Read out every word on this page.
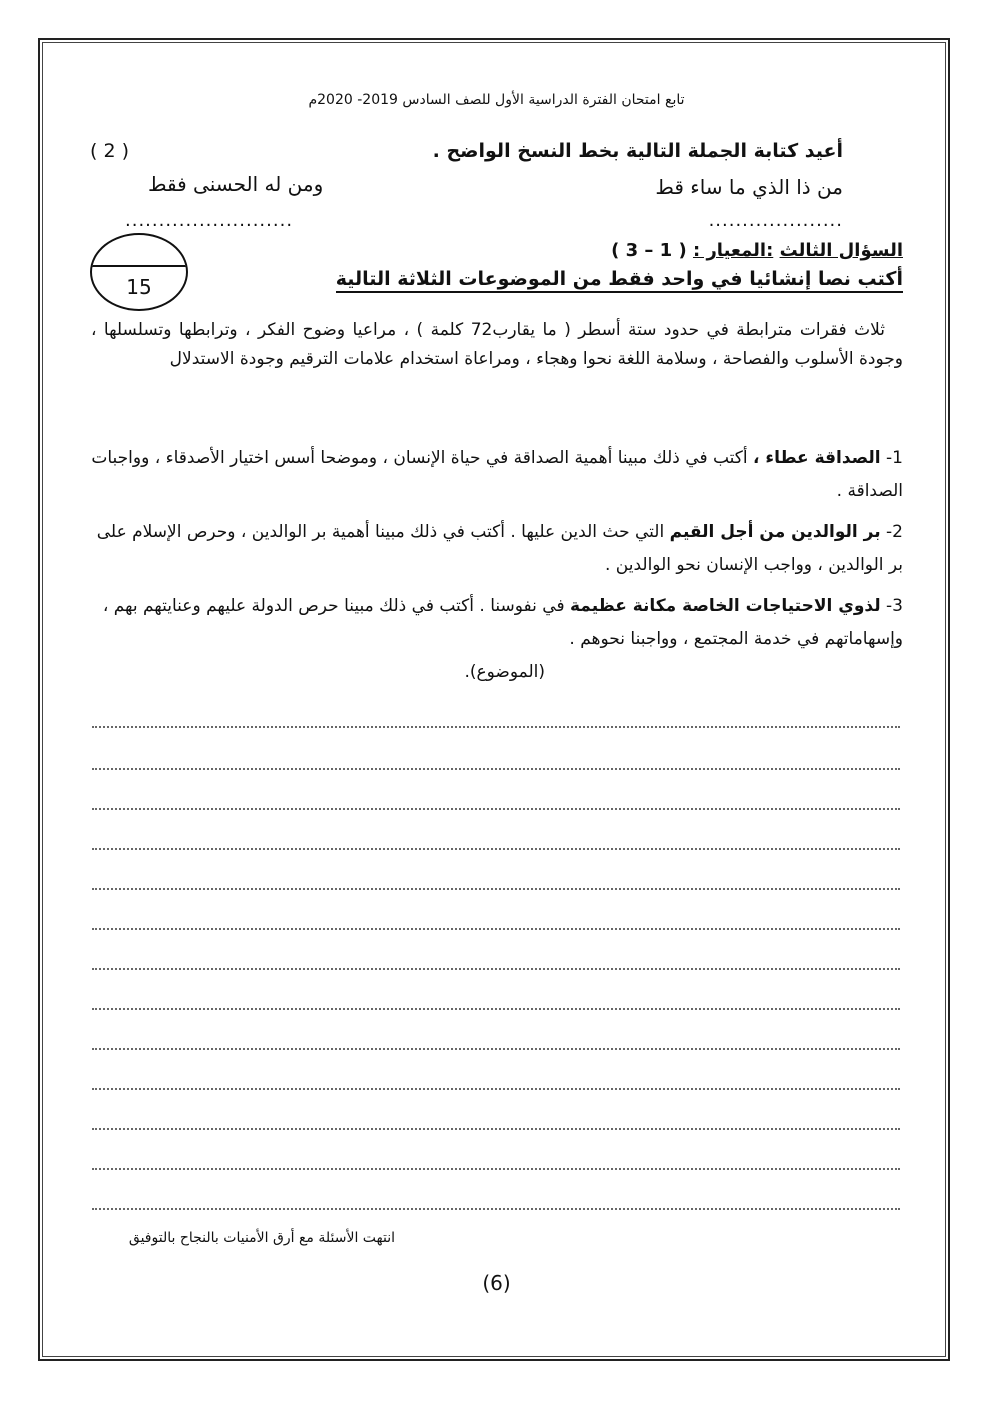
تابع امتحان الفترة الدراسية الأول للصف السادس 2019- 2020م
أعيد كتابة الجملة التالية بخط النسخ الواضح .
( 2 )
من ذا الذي ما ساء قط
ومن له الحسنى فقط
....................
.........................
السؤال الثالث :المعيار : ( 3 – 1 )
أكتب نصا إنشائيا في واحد فقط من الموضوعات الثلاثة التالية
15
ثلاث فقرات مترابطة في حدود ستة أسطر ( ما يقارب72 كلمة ) ، مراعيا وضوح الفكر ، وترابطها وتسلسلها ، وجودة الأسلوب والفصاحة ، وسلامة اللغة نحوا وهجاء ، ومراعاة استخدام علامات الترقيم وجودة الاستدلال
1- الصداقة عطاء ، أكتب في ذلك مبينا أهمية الصداقة في حياة الإنسان ، وموضحا أسس اختيار الأصدقاء ، وواجبات الصداقة .
2- بر الوالدين من أجل القيم التي حث الدين عليها . أكتب في ذلك مبينا أهمية بر الوالدين ، وحرص الإسلام على بر الوالدين ، وواجب الإنسان نحو الوالدين .
3- لذوي الاحتياجات الخاصة مكانة عظيمة في نفوسنا . أكتب في ذلك مبينا حرص الدولة عليهم وعنايتهم بهم ، وإسهاماتهم في خدمة المجتمع ، وواجبنا نحوهم .
(الموضوع).
انتهت الأسئلة مع أرق الأمنيات بالنجاح بالتوفيق
(6)
